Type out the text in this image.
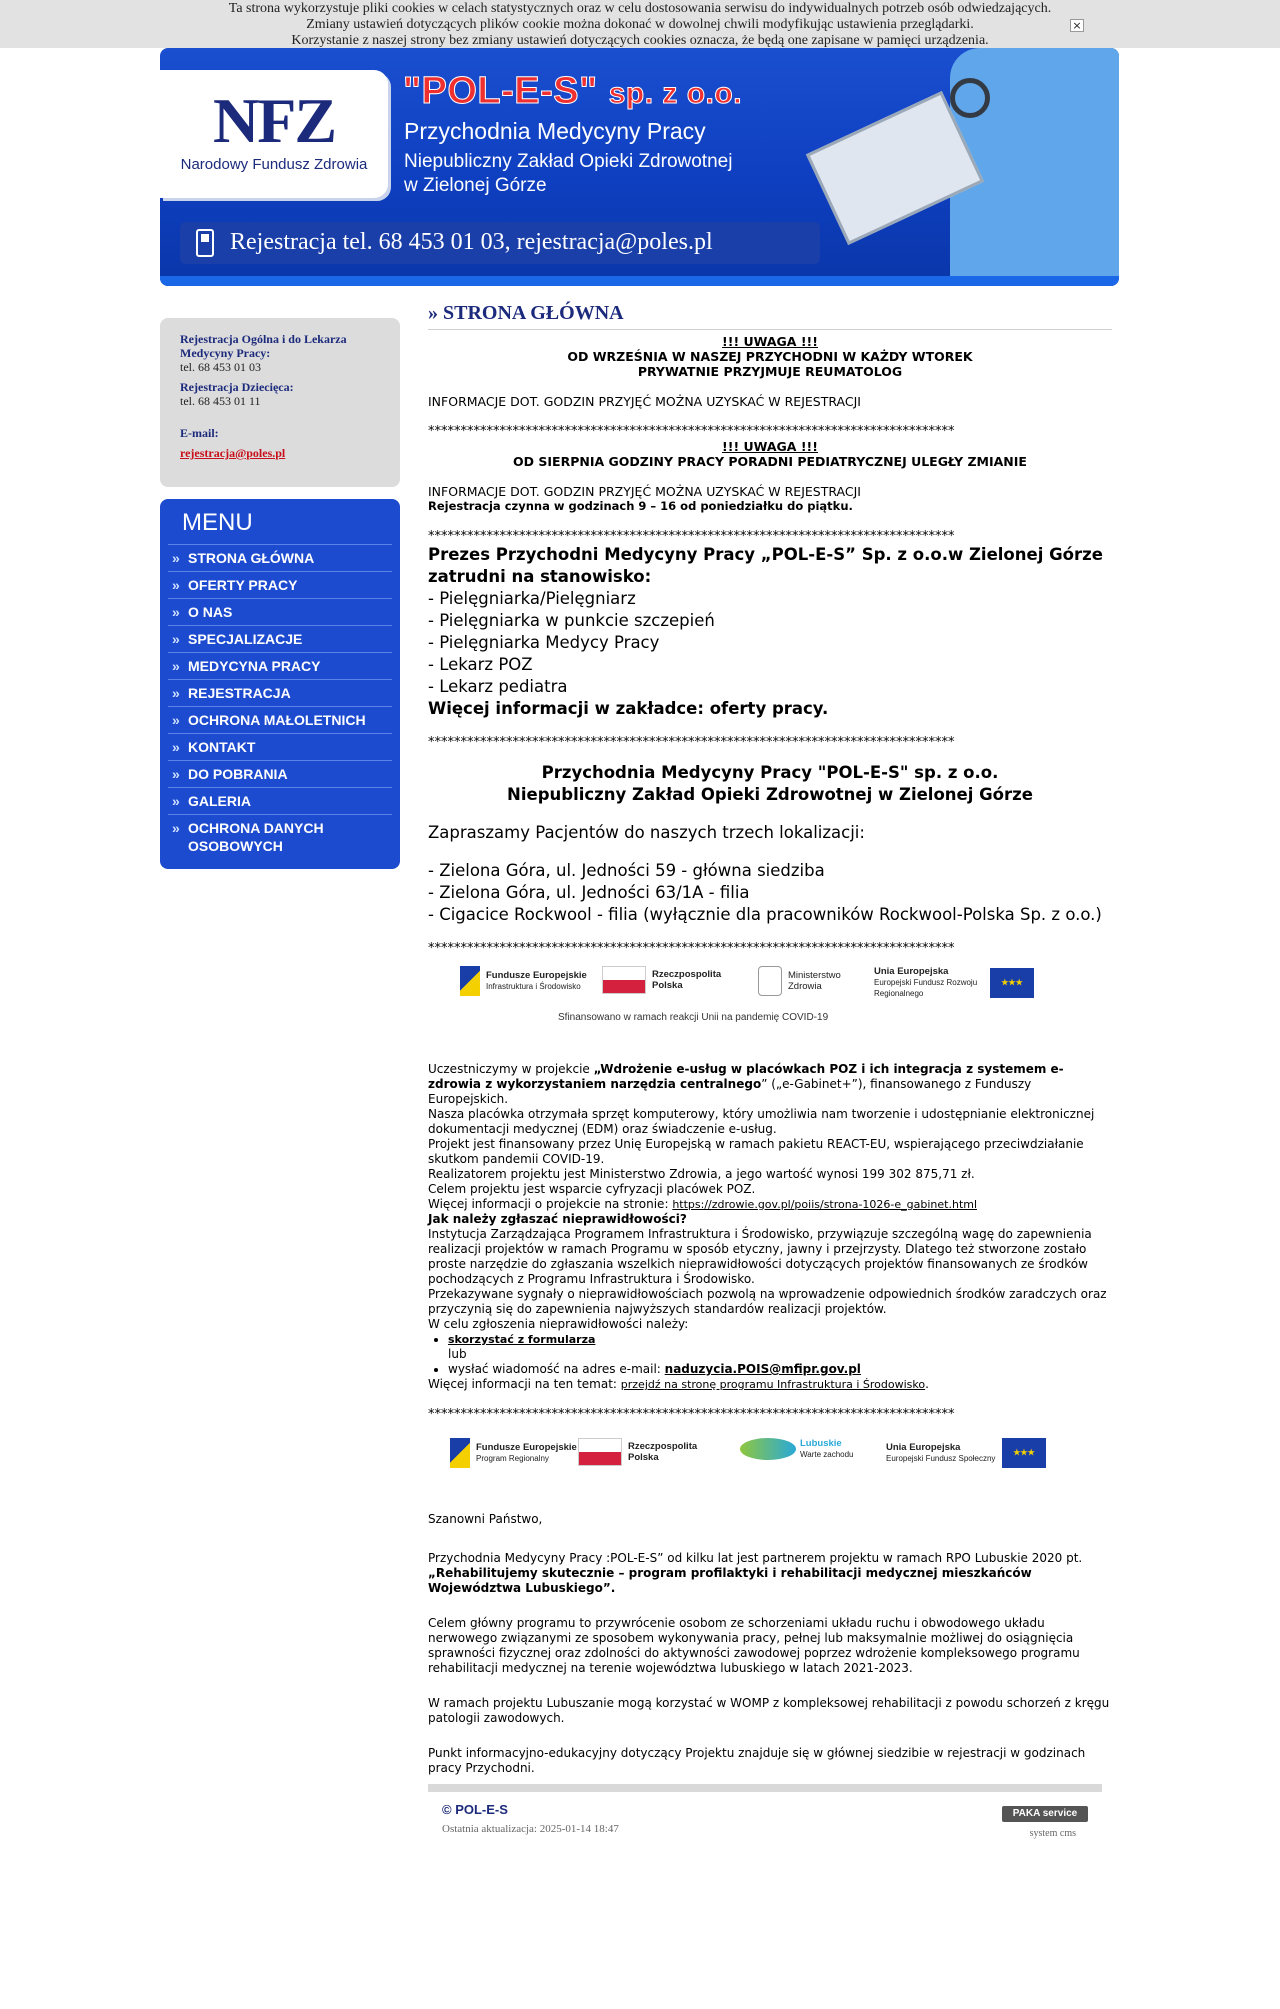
Ta strona wykorzystuje pliki cookies w celach statystycznych oraz w celu dostosowania serwisu do indywidualnych potrzeb osób odwiedzających.
Zmiany ustawień dotyczących plików cookie można dokonać w dowolnej chwili modyfikując ustawienia przeglądarki.
Korzystanie z naszej strony bez zmiany ustawień dotyczących cookies oznacza, że będą one zapisane w pamięci urządzenia.
×
NFZ
Narodowy Fundusz Zdrowia
"POL-E-S" sp. z o.o.
Przychodnia Medycyny Pracy
Niepubliczny Zakład Opieki Zdrowotnej
w Zielonej Górze
Rejestracja tel. 68 453 01 03, rejestracja@poles.pl
Rejestracja Ogólna i do Lekarza Medycyny Pracy:
tel. 68 453 01 03
Rejestracja Dziecięca:
tel. 68 453 01 11
E-mail:
rejestracja@poles.pl
MENU
» STRONA GŁÓWNA
» OFERTY PRACY
» O NAS
» SPECJALIZACJE
» MEDYCYNA PRACY
» REJESTRACJA
» OCHRONA MAŁOLETNICH
» KONTAKT
» DO POBRANIA
» GALERIA
» OCHRONA DANYCH OSOBOWYCH
» STRONA GŁÓWNA
!!! UWAGA !!!
OD WRZEŚNIA W NASZEJ PRZYCHODNI W KAŻDY WTOREK
PRYWATNIE PRZYJMUJE REUMATOLOG
INFORMACJE DOT. GODZIN PRZYJĘĆ MOŻNA UZYSKAĆ W REJESTRACJI
*********************************************************************************
!!! UWAGA !!!
OD SIERPNIA GODZINY PRACY PORADNI PEDIATRYCZNEJ ULEGŁY ZMIANIE
INFORMACJE DOT. GODZIN PRZYJĘĆ MOŻNA UZYSKAĆ W REJESTRACJI
Rejestracja czynna w godzinach 9 – 16 od poniedziałku do piątku.
*********************************************************************************
Prezes Przychodni Medycyny Pracy „POL-E-S” Sp. z o.o.w Zielonej Górze zatrudni na stanowisko:
- Pielęgniarka/Pielęgniarz
- Pielęgniarka w punkcie szczepień
- Pielęgniarka Medycy Pracy
- Lekarz POZ
- Lekarz pediatra
Więcej informacji w zakładce: oferty pracy.
*********************************************************************************
Przychodnia Medycyny Pracy "POL-E-S" sp. z o.o.
Niepubliczny Zakład Opieki Zdrowotnej w Zielonej Górze
Zapraszamy Pacjentów do naszych trzech lokalizacji:
- Zielona Góra, ul. Jedności 59 - główna siedziba
- Zielona Góra, ul. Jedności 63/1A - filia
- Cigacice Rockwool - filia (wyłącznie dla pracowników Rockwool-Polska Sp. z o.o.)
*********************************************************************************
Fundusze Europejskie
Infrastruktura i Środowisko
Rzeczpospolita Polska
Ministerstwo Zdrowia
Unia Europejska
Europejski Fundusz Rozwoju Regionalnego
★★★
Sfinansowano w ramach reakcji Unii na pandemię COVID-19
Uczestniczymy w projekcie „Wdrożenie e-usług w placówkach POZ i ich integracja z systemem e-zdrowia z wykorzystaniem narzędzia centralnego” („e-Gabinet+”), finansowanego z Funduszy Europejskich.
Nasza placówka otrzymała sprzęt komputerowy, który umożliwia nam tworzenie i udostępnianie elektronicznej dokumentacji medycznej (EDM) oraz świadczenie e-usług.
Projekt jest finansowany przez Unię Europejską w ramach pakietu REACT-EU, wspierającego przeciwdziałanie skutkom pandemii COVID-19.
Realizatorem projektu jest Ministerstwo Zdrowia, a jego wartość wynosi 199 302 875,71 zł.
Celem projektu jest wsparcie cyfryzacji placówek POZ.
Więcej informacji o projekcie na stronie: https://zdrowie.gov.pl/poiis/strona-1026-e_gabinet.html
Jak należy zgłaszać nieprawidłowości?
Instytucja Zarządzająca Programem Infrastruktura i Środowisko, przywiązuje szczególną wagę do zapewnienia realizacji projektów w ramach Programu w sposób etyczny, jawny i przejrzysty. Dlatego też stworzone zostało proste narzędzie do zgłaszania wszelkich nieprawidłowości dotyczących projektów finansowanych ze środków pochodzących z Programu Infrastruktura i Środowisko.
Przekazywane sygnały o nieprawidłowościach pozwolą na wprowadzenie odpowiednich środków zaradczych oraz przyczynią się do zapewnienia najwyższych standardów realizacji projektów.
W celu zgłoszenia nieprawidłowości należy:
• skorzystać z formularza
lub
• wysłać wiadomość na adres e-mail: naduzycia.POIS@mfipr.gov.pl
Więcej informacji na ten temat: przejdź na stronę programu Infrastruktura i Środowisko.
*********************************************************************************
Fundusze Europejskie
Program Regionalny
Rzeczpospolita Polska
Lubuskie
Warte zachodu
Unia Europejska
Europejski Fundusz Społeczny
★★★
Szanowni Państwo,
Przychodnia Medycyny Pracy :POL-E-S” od kilku lat jest partnerem projektu w ramach RPO Lubuskie 2020 pt. „Rehabilitujemy skutecznie – program profilaktyki i rehabilitacji medycznej mieszkańców Województwa Lubuskiego”.
Celem główny programu to przywrócenie osobom ze schorzeniami układu ruchu i obwodowego układu nerwowego związanymi ze sposobem wykonywania pracy, pełnej lub maksymalnie możliwej do osiągnięcia sprawności fizycznej oraz zdolności do aktywności zawodowej poprzez wdrożenie kompleksowego programu rehabilitacji medycznej na terenie województwa lubuskiego w latach 2021-2023.
W ramach projektu Lubuszanie mogą korzystać w WOMP z kompleksowej rehabilitacji z powodu schorzeń z kręgu patologii zawodowych.
Punkt informacyjno-edukacyjny dotyczący Projektu znajduje się w głównej siedzibie w rejestracji w godzinach pracy Przychodni.
© POL-E-S
Ostatnia aktualizacja: 2025-01-14 18:47
PAKA service
system cms
